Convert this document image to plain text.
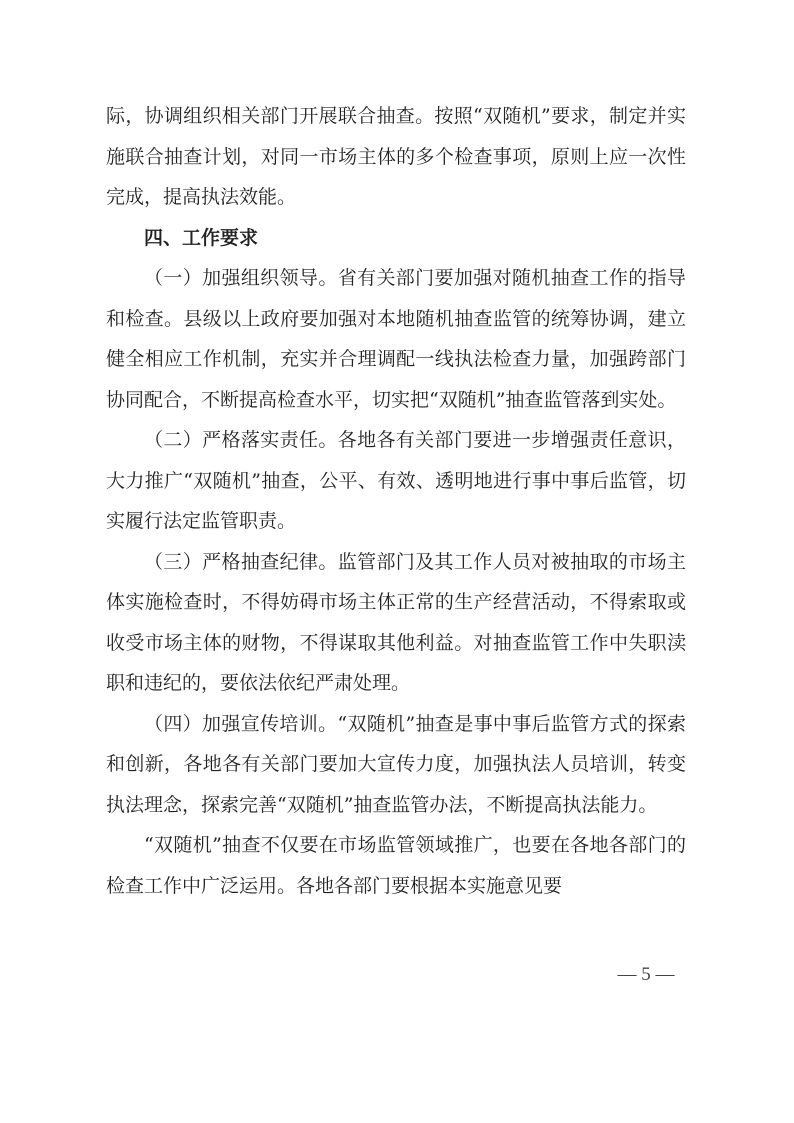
际，协调组织相关部门开展联合抽查。按照“双随机”要求，制定并实施联合抽查计划，对同一市场主体的多个检查事项，原则上应一次性完成，提高执法效能。

四、工作要求

（一）加强组织领导。省有关部门要加强对随机抽查工作的指导和检查。县级以上政府要加强对本地随机抽查监管的统筹协调，建立健全相应工作机制，充实并合理调配一线执法检查力量，加强跨部门协同配合，不断提高检查水平，切实把“双随机”抽查监管落到实处。

（二）严格落实责任。各地各有关部门要进一步增强责任意识，大力推广“双随机”抽查，公平、有效、透明地进行事中事后监管，切实履行法定监管职责。

（三）严格抽查纪律。监管部门及其工作人员对被抽取的市场主体实施检查时，不得妨碍市场主体正常的生产经营活动，不得索取或收受市场主体的财物，不得谋取其他利益。对抽查监管工作中失职渎职和违纪的，要依法依纪严肃处理。

（四）加强宣传培训。“双随机”抽查是事中事后监管方式的探索和创新，各地各有关部门要加大宣传力度，加强执法人员培训，转变执法理念，探索完善“双随机”抽查监管办法，不断提高执法能力。

“双随机”抽查不仅要在市场监管领域推广，也要在各地各部门的检查工作中广泛运用。各地各部门要根据本实施意见要

— 5 —
